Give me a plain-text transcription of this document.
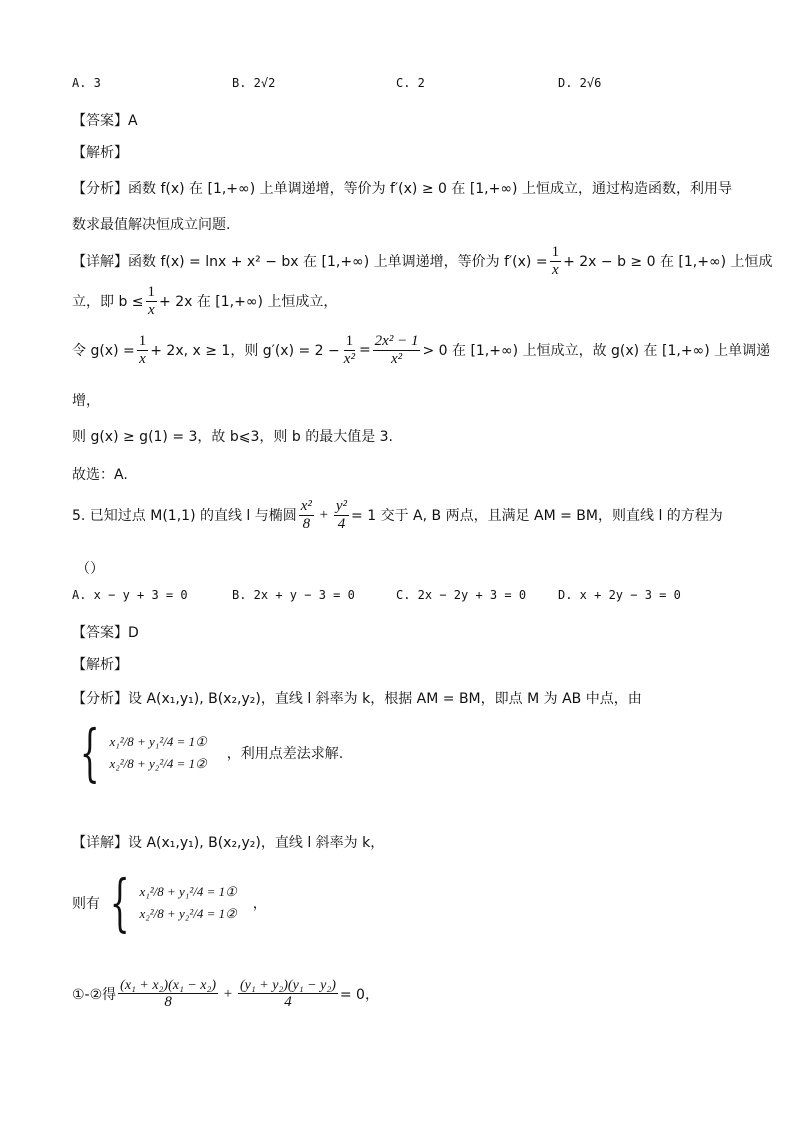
A. 3	B. 2√2	C. 2	D. 2√6
【答案】A
【解析】
【分析】函数 f(x) 在 [1,+∞) 上单调递增，等价为 f′(x) ≥ 0 在 [1,+∞) 上恒成立，通过构造函数，利用导
数求最值解决恒成立问题.
【详解】函数 f(x) = lnx + x² − bx 在 [1,+∞) 上单调递增，等价为 $f'(x) = \frac{1}{x} + 2x - b \ge 0$ 在 [1,+∞) 上恒成
立，即 $b \le \frac{1}{x} + 2x$ 在 [1,+∞) 上恒成立，
令 $g(x) = \frac{1}{x} + 2x$, x ≥ 1，则 $g'(x) = 2 - \frac{1}{\text{x²}} = \frac{\text{2x² − 1}}{\text{x²}} > 0$ 在 [1,+∞) 上恒成立，故 g(x) 在 [1,+∞) 上单调递
增，
则 g(x) ≥ g(1) = 3，故 b⩽3，则 b 的最大值是 3.
故选：A.
5. 已知过点 M(1,1) 的直线 l 与椭圆 $\frac{\text{x²}}{8} + \frac{\text{y²}}{4} = 1$ 交于 A, B 两点，且满足 AM = BM，则直线 l 的方程为
（）
A. x − y + 3 = 0	B. 2x + y − 3 = 0	C. 2x − 2y + 3 = 0	D. x + 2y − 3 = 0
【答案】D
【解析】
【分析】设 A(x₁,y₁), B(x₂,y₂)，直线 l 斜率为 k，根据 AM = BM，即点 M 为 AB 中点，由
{ x₁²/8 + y₁²/4 = 1①
x₂²/8 + y₂²/4 = 1②
，利用点差法求解.
【详解】设 A(x₁,y₁), B(x₂,y₂)，直线 l 斜率为 k，
则有 { x₁²/8 + y₁²/4 = 1①
x₂²/8 + y₂²/4 = 1②
，
①-②得 $\frac{\text{(x₁ + x₂)(x₁ − x₂)}}{8} + \frac{\text{(y₁ + y₂)(y₁ − y₂)}}{4} = 0$，
